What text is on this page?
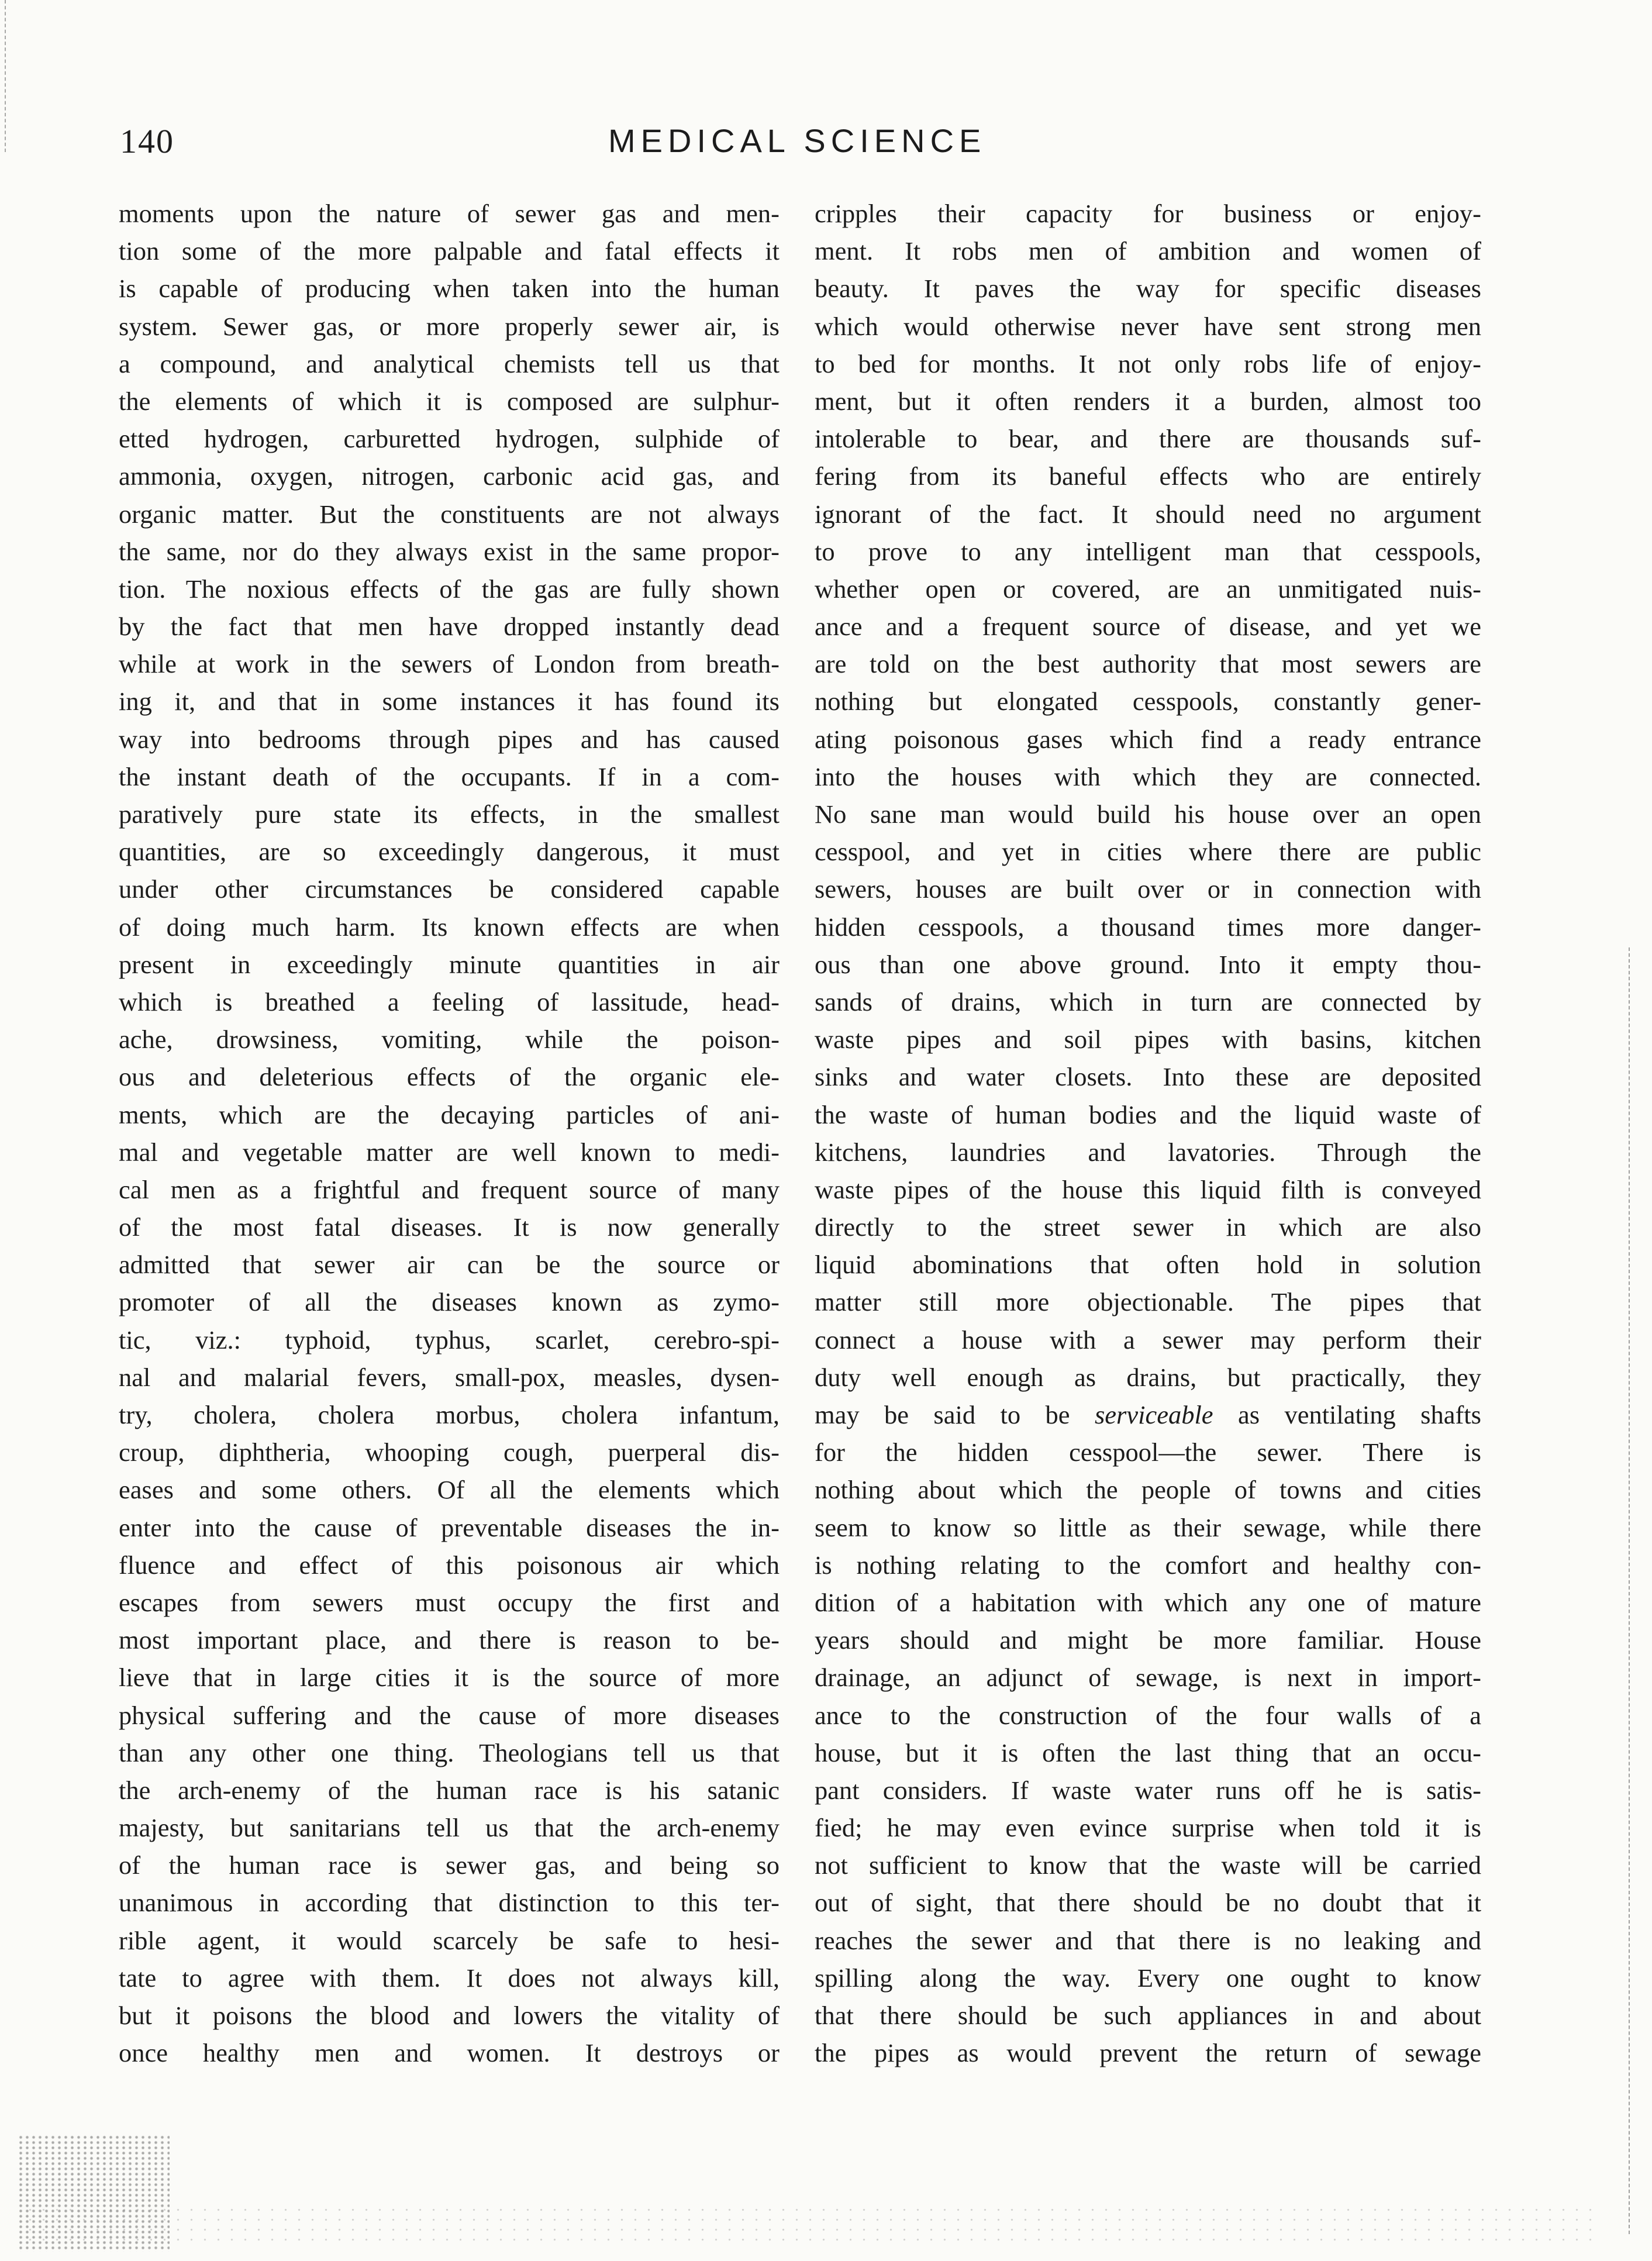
140	MEDICAL SCIENCE
moments upon the nature of sewer gas and men-
tion some of the more palpable and fatal effects it
is capable of producing when taken into the human
system. Sewer gas, or more properly sewer air, is
a compound, and analytical chemists tell us that
the elements of which it is composed are sulphur-
etted hydrogen, carburetted hydrogen, sulphide of
ammonia, oxygen, nitrogen, carbonic acid gas, and
organic matter. But the constituents are not always
the same, nor do they always exist in the same propor-
tion. The noxious effects of the gas are fully shown
by the fact that men have dropped instantly dead
while at work in the sewers of London from breath-
ing it, and that in some instances it has found its
way into bedrooms through pipes and has caused
the instant death of the occupants. If in a com-
paratively pure state its effects, in the smallest
quantities, are so exceedingly dangerous, it must
under other circumstances be considered capable
of doing much harm. Its known effects are when
present in exceedingly minute quantities in air
which is breathed a feeling of lassitude, head-
ache, drowsiness, vomiting, while the poison-
ous and deleterious effects of the organic ele-
ments, which are the decaying particles of ani-
mal and vegetable matter are well known to medi-
cal men as a frightful and frequent source of many
of the most fatal diseases. It is now generally
admitted that sewer air can be the source or
promoter of all the diseases known as zymo-
tic, viz.: typhoid, typhus, scarlet, cerebro-spi-
nal and malarial fevers, small-pox, measles, dysen-
try, cholera, cholera morbus, cholera infantum,
croup, diphtheria, whooping cough, puerperal dis-
eases and some others. Of all the elements which
enter into the cause of preventable diseases the in-
fluence and effect of this poisonous air which
escapes from sewers must occupy the first and
most important place, and there is reason to be-
lieve that in large cities it is the source of more
physical suffering and the cause of more diseases
than any other one thing. Theologians tell us that
the arch-enemy of the human race is his satanic
majesty, but sanitarians tell us that the arch-enemy
of the human race is sewer gas, and being so
unanimous in according that distinction to this ter-
rible agent, it would scarcely be safe to hesi-
tate to agree with them. It does not always kill,
but it poisons the blood and lowers the vitality of
once healthy men and women. It destroys or
cripples their capacity for business or enjoy-
ment. It robs men of ambition and women of
beauty. It paves the way for specific diseases
which would otherwise never have sent strong men
to bed for months. It not only robs life of enjoy-
ment, but it often renders it a burden, almost too
intolerable to bear, and there are thousands suf-
fering from its baneful effects who are entirely
ignorant of the fact. It should need no argument
to prove to any intelligent man that cesspools,
whether open or covered, are an unmitigated nuis-
ance and a frequent source of disease, and yet we
are told on the best authority that most sewers are
nothing but elongated cesspools, constantly gener-
ating poisonous gases which find a ready entrance
into the houses with which they are connected.
No sane man would build his house over an open
cesspool, and yet in cities where there are public
sewers, houses are built over or in connection with
hidden cesspools, a thousand times more danger-
ous than one above ground. Into it empty thou-
sands of drains, which in turn are connected by
waste pipes and soil pipes with basins, kitchen
sinks and water closets. Into these are deposited
the waste of human bodies and the liquid waste of
kitchens, laundries and lavatories. Through the
waste pipes of the house this liquid filth is conveyed
directly to the street sewer in which are also
liquid abominations that often hold in solution
matter still more objectionable. The pipes that
connect a house with a sewer may perform their
duty well enough as drains, but practically, they
may be said to be serviceable as ventilating shafts
for the hidden cesspool—the sewer. There is
nothing about which the people of towns and cities
seem to know so little as their sewage, while there
is nothing relating to the comfort and healthy con-
dition of a habitation with which any one of mature
years should and might be more familiar. House
drainage, an adjunct of sewage, is next in import-
ance to the construction of the four walls of a
house, but it is often the last thing that an occu-
pant considers. If waste water runs off he is satis-
fied; he may even evince surprise when told it is
not sufficient to know that the waste will be carried
out of sight, that there should be no doubt that it
reaches the sewer and that there is no leaking and
spilling along the way. Every one ought to know
that there should be such appliances in and about
the pipes as would prevent the return of sewage
